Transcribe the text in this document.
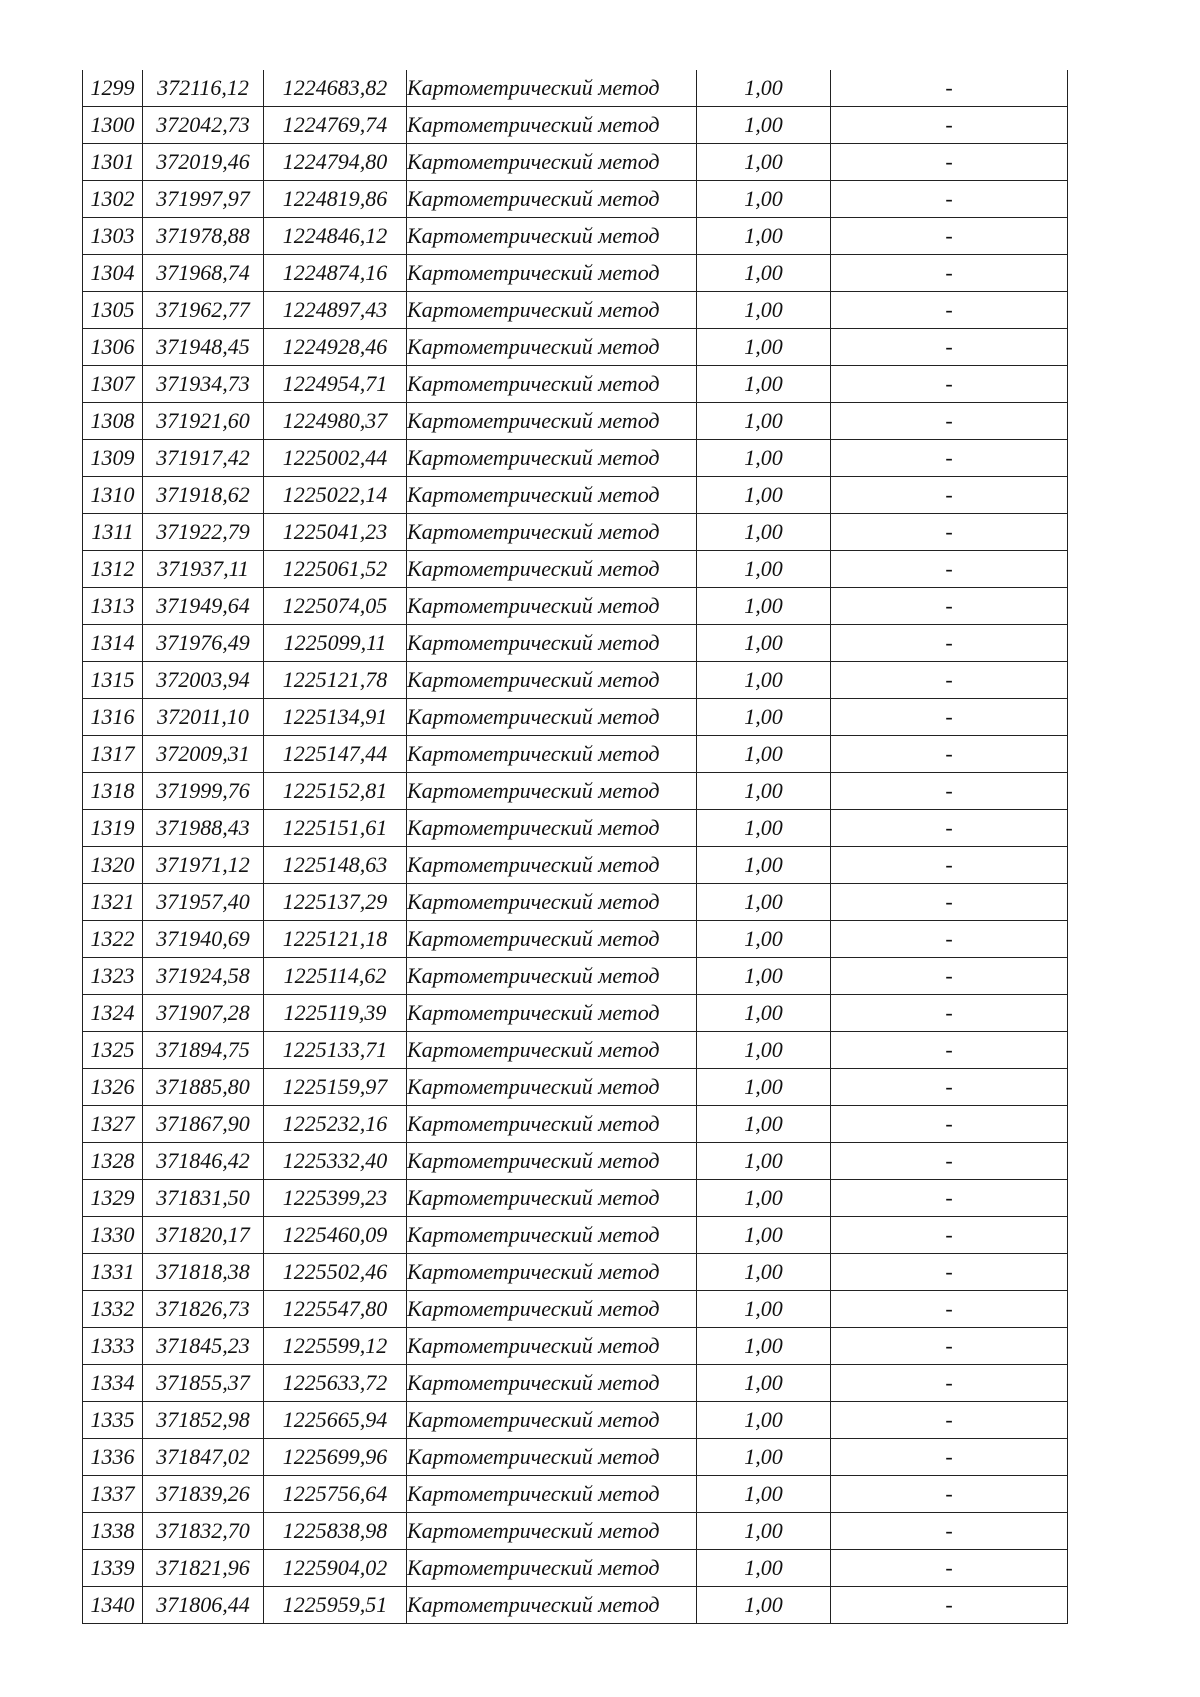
1299	372116,12	1224683,82	Картометрический метод	1,00	-
1300	372042,73	1224769,74	Картометрический метод	1,00	-
1301	372019,46	1224794,80	Картометрический метод	1,00	-
1302	371997,97	1224819,86	Картометрический метод	1,00	-
1303	371978,88	1224846,12	Картометрический метод	1,00	-
1304	371968,74	1224874,16	Картометрический метод	1,00	-
1305	371962,77	1224897,43	Картометрический метод	1,00	-
1306	371948,45	1224928,46	Картометрический метод	1,00	-
1307	371934,73	1224954,71	Картометрический метод	1,00	-
1308	371921,60	1224980,37	Картометрический метод	1,00	-
1309	371917,42	1225002,44	Картометрический метод	1,00	-
1310	371918,62	1225022,14	Картометрический метод	1,00	-
1311	371922,79	1225041,23	Картометрический метод	1,00	-
1312	371937,11	1225061,52	Картометрический метод	1,00	-
1313	371949,64	1225074,05	Картометрический метод	1,00	-
1314	371976,49	1225099,11	Картометрический метод	1,00	-
1315	372003,94	1225121,78	Картометрический метод	1,00	-
1316	372011,10	1225134,91	Картометрический метод	1,00	-
1317	372009,31	1225147,44	Картометрический метод	1,00	-
1318	371999,76	1225152,81	Картометрический метод	1,00	-
1319	371988,43	1225151,61	Картометрический метод	1,00	-
1320	371971,12	1225148,63	Картометрический метод	1,00	-
1321	371957,40	1225137,29	Картометрический метод	1,00	-
1322	371940,69	1225121,18	Картометрический метод	1,00	-
1323	371924,58	1225114,62	Картометрический метод	1,00	-
1324	371907,28	1225119,39	Картометрический метод	1,00	-
1325	371894,75	1225133,71	Картометрический метод	1,00	-
1326	371885,80	1225159,97	Картометрический метод	1,00	-
1327	371867,90	1225232,16	Картометрический метод	1,00	-
1328	371846,42	1225332,40	Картометрический метод	1,00	-
1329	371831,50	1225399,23	Картометрический метод	1,00	-
1330	371820,17	1225460,09	Картометрический метод	1,00	-
1331	371818,38	1225502,46	Картометрический метод	1,00	-
1332	371826,73	1225547,80	Картометрический метод	1,00	-
1333	371845,23	1225599,12	Картометрический метод	1,00	-
1334	371855,37	1225633,72	Картометрический метод	1,00	-
1335	371852,98	1225665,94	Картометрический метод	1,00	-
1336	371847,02	1225699,96	Картометрический метод	1,00	-
1337	371839,26	1225756,64	Картометрический метод	1,00	-
1338	371832,70	1225838,98	Картометрический метод	1,00	-
1339	371821,96	1225904,02	Картометрический метод	1,00	-
1340	371806,44	1225959,51	Картометрический метод	1,00	-
